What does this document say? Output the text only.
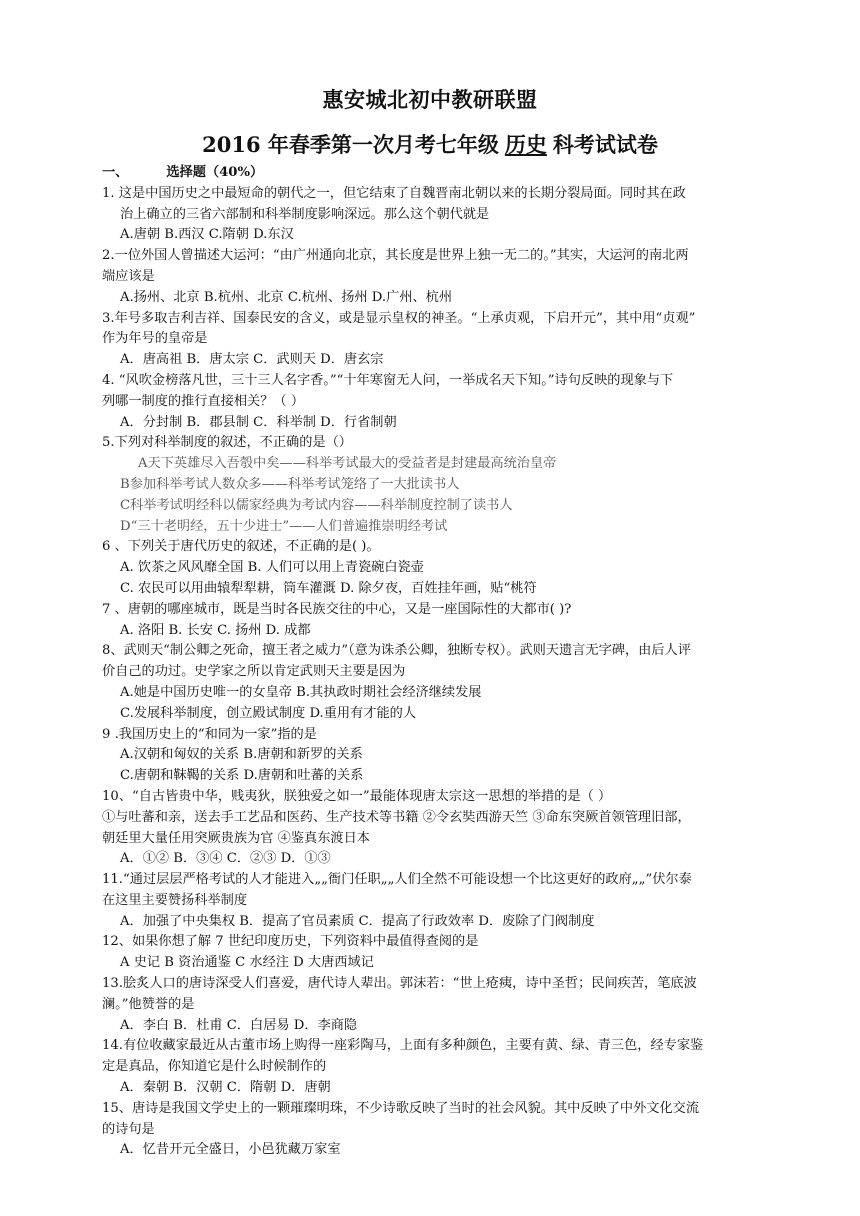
惠安城北初中教研联盟
2016 年春季第一次月考七年级 历史 科考试试卷
一、	选择题（40%）
1. 这是中国历史之中最短命的朝代之一，但它结束了自魏晋南北朝以来的长期分裂局面。同时其在政
治上确立的三省六部制和科举制度影响深远。那么这个朝代就是
A.唐朝 B.西汉 C.隋朝 D.东汉
2.一位外国人曾描述大运河：“由广州通向北京，其长度是世界上独一无二的。”其实，大运河的南北两
端应该是
A.扬州、北京 B.杭州、北京 C.杭州、扬州 D.广州、杭州
3.年号多取吉利吉祥、国泰民安的含义，或是显示皇权的神圣。“上承贞观，下启开元”，其中用“贞观”
作为年号的皇帝是
A．唐高祖 B．唐太宗 C．武则天 D．唐玄宗
4. “风吹金榜落凡世，三十三人名字香。”“十年寒窗无人问，一举成名天下知。”诗句反映的现象与下
列哪一制度的推行直接相关？（ ）
A．分封制 B．郡县制 C．科举制 D．行省制朝
5.下列对科举制度的叙述，不正确的是（）
A天下英雄尽入吾彀中矣——科举考试最大的受益者是封建最高统治皇帝
B参加科举考试人数众多——科举考试笼络了一大批读书人
C科举考试明经科以儒家经典为考试内容——科举制度控制了读书人
D“三十老明经，五十少进士”——人们普遍推崇明经考试
6 、下列关于唐代历史的叙述，不正确的是( )。
A. 饮茶之风风靡全国 B. 人们可以用上青瓷碗白瓷壶
C. 农民可以用曲辕犁犁耕，筒车灌溉 D. 除夕夜，百姓挂年画，贴“桃符
7 、唐朝的哪座城市，既是当时各民族交往的中心，又是一座国际性的大都市( )?
A. 洛阳 B. 长安 C. 扬州 D. 成都
8、武则天“制公卿之死命，擅王者之威力”（意为诛杀公卿，独断专权）。武则天遗言无字碑，由后人评
价自己的功过。史学家之所以肯定武则天主要是因为
A.她是中国历史唯一的女皇帝 B.其执政时期社会经济继续发展
C.发展科举制度，创立殿试制度 D.重用有才能的人
9 .我国历史上的“和同为一家”指的是
A.汉朝和匈奴的关系 B.唐朝和新罗的关系
C.唐朝和靺鞨的关系 D.唐朝和吐蕃的关系
10、“自古皆贵中华，贱夷狄，朕独爱之如一”最能体现唐太宗这一思想的举措的是（ ）
①与吐蕃和亲，送去手工艺品和医药、生产技术等书籍 ②令玄奘西游天竺 ③命东突厥首领管理旧部，
朝廷里大量任用突厥贵族为官 ④鉴真东渡日本
A．①② B．③④ C．②③ D．①③
11.“通过层层严格考试的人才能进入„„衙门任职„„人们全然不可能设想一个比这更好的政府„„”伏尔泰
在这里主要赞扬科举制度
A．加强了中央集权 B．提高了官员素质 C．提高了行政效率 D．废除了门阀制度
12、如果你想了解 7 世纪印度历史，下列资料中最值得查阅的是
A 史记 B 资治通鉴 C 水经注 D 大唐西域记
13.脍炙人口的唐诗深受人们喜爱，唐代诗人辈出。郭沫若：“世上疮痍，诗中圣哲；民间疾苦，笔底波
澜。”他赞誉的是
A．李白 B．杜甫 C．白居易 D．李商隐
14.有位收藏家最近从古董市场上购得一座彩陶马，上面有多种颜色，主要有黄、绿、青三色，经专家鉴
定是真品，你知道它是什么时候制作的
A．秦朝 B．汉朝 C．隋朝 D．唐朝
15、唐诗是我国文学史上的一颗璀璨明珠，不少诗歌反映了当时的社会风貌。其中反映了中外文化交流
的诗句是
A．忆昔开元全盛日，小邑犹藏万家室
